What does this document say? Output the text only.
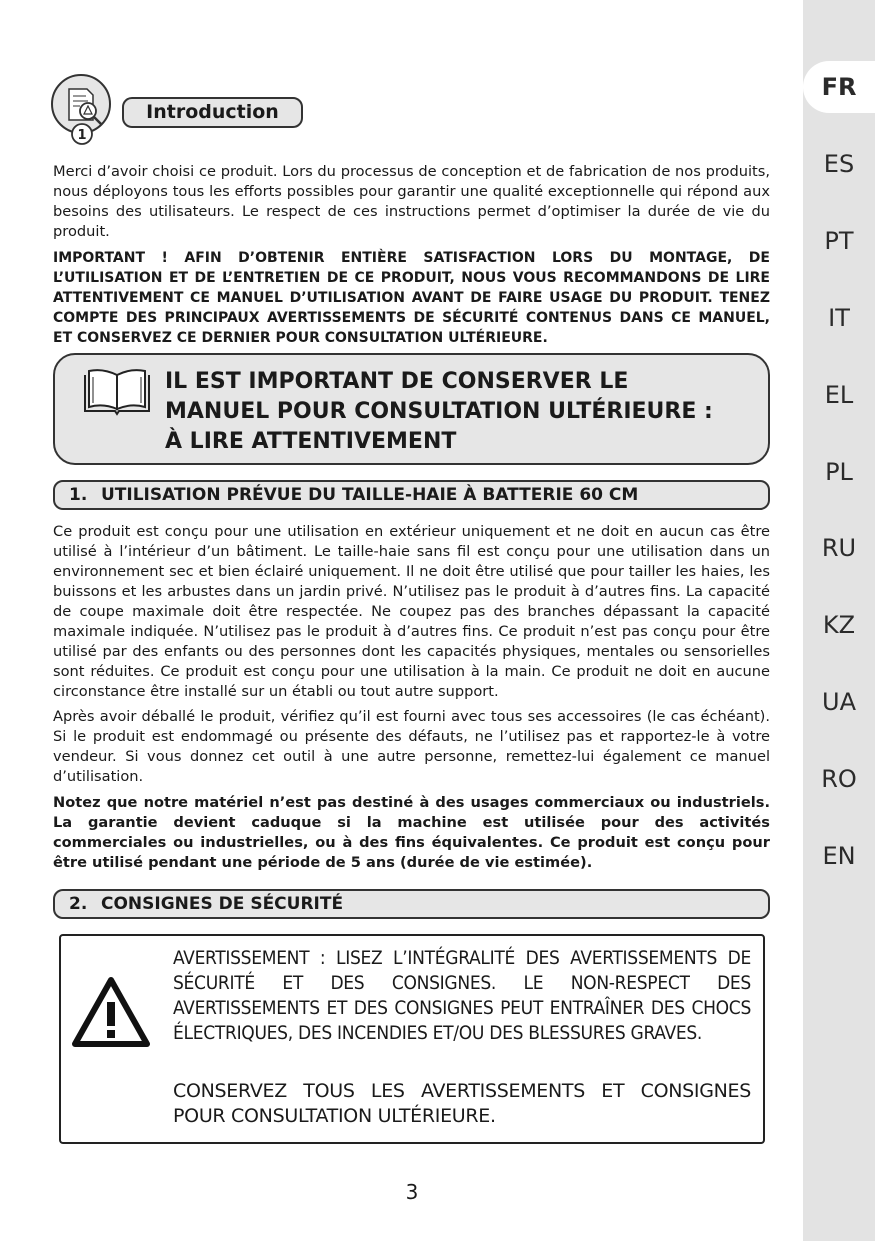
FR
ES
PT
IT
EL
PL
RU
KZ
UA
RO
EN
1
Introduction

Merci d’avoir choisi ce produit. Lors du processus de conception et de fabrication de nos produits, nous déployons tous les efforts possibles pour garantir une qualité exceptionnelle qui répond aux besoins des utilisateurs. Le respect de ces instructions permet d’optimiser la durée de vie du produit.

IMPORTANT ! AFIN D’OBTENIR ENTIÈRE SATISFACTION LORS DU MONTAGE, DE L’UTILISATION ET DE L’ENTRETIEN DE CE PRODUIT, NOUS VOUS RECOMMANDONS DE LIRE ATTENTIVEMENT CE MANUEL D’UTILISATION AVANT DE FAIRE USAGE DU PRODUIT. TENEZ COMPTE DES PRINCIPAUX AVERTISSEMENTS DE SÉCURITÉ CONTENUS DANS CE MANUEL, ET CONSERVEZ CE DERNIER POUR CONSULTATION ULTÉRIEURE.

IL EST IMPORTANT DE CONSERVER LE MANUEL POUR CONSULTATION ULTÉRIEURE : À LIRE ATTENTIVEMENT

1. UTILISATION PRÉVUE DU TAILLE-HAIE À BATTERIE 60 CM

Ce produit est conçu pour une utilisation en extérieur uniquement et ne doit en aucun cas être utilisé à l’intérieur d’un bâtiment. Le taille-haie sans fil est conçu pour une utilisation dans un environnement sec et bien éclairé uniquement. Il ne doit être utilisé que pour tailler les haies, les buissons et les arbustes dans un jardin privé. N’utilisez pas le produit à d’autres fins. La capacité de coupe maximale doit être respectée. Ne coupez pas des branches dépassant la capacité maximale indiquée. N’utilisez pas le produit à d’autres fins. Ce produit n’est pas conçu pour être utilisé par des enfants ou des personnes dont les capacités physiques, mentales ou sensorielles sont réduites. Ce produit est conçu pour une utilisation à la main. Ce produit ne doit en aucune circonstance être installé sur un établi ou tout autre support.

Après avoir déballé le produit, vérifiez qu’il est fourni avec tous ses accessoires (le cas échéant). Si le produit est endommagé ou présente des défauts, ne l’utilisez pas et rapportez-le à votre vendeur. Si vous donnez cet outil à une autre personne, remettez-lui également ce manuel d’utilisation.

Notez que notre matériel n’est pas destiné à des usages commerciaux ou industriels. La garantie devient caduque si la machine est utilisée pour des activités commerciales ou industrielles, ou à des fins équivalentes. Ce produit est conçu pour être utilisé pendant une période de 5 ans (durée de vie estimée).

2. CONSIGNES DE SÉCURITÉ

AVERTISSEMENT : LISEZ L’INTÉGRALITÉ DES AVERTISSEMENTS DE SÉCURITÉ ET DES CONSIGNES. LE NON-RESPECT DES AVERTISSEMENTS ET DES CONSIGNES PEUT ENTRAÎNER DES CHOCS ÉLECTRIQUES, DES INCENDIES ET/OU DES BLESSURES GRAVES.

CONSERVEZ TOUS LES AVERTISSEMENTS ET CONSIGNES POUR CONSULTATION ULTÉRIEURE.

3
